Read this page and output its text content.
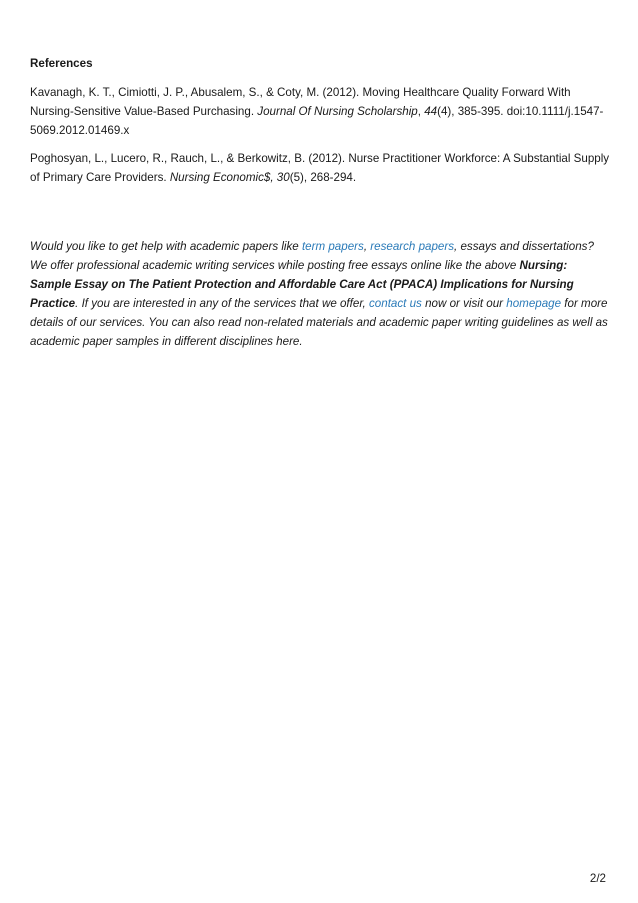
References

Kavanagh, K. T., Cimiotti, J. P., Abusalem, S., & Coty, M. (2012). Moving Healthcare Quality Forward With Nursing-Sensitive Value-Based Purchasing. Journal Of Nursing Scholarship, 44(4), 385-395. doi:10.1111/j.1547-5069.2012.01469.x

Poghosyan, L., Lucero, R., Rauch, L., & Berkowitz, B. (2012). Nurse Practitioner Workforce: A Substantial Supply of Primary Care Providers. Nursing Economic$, 30(5), 268-294.

Would you like to get help with academic papers like term papers, research papers, essays and dissertations? We offer professional academic writing services while posting free essays online like the above Nursing: Sample Essay on The Patient Protection and Affordable Care Act (PPACA) Implications for Nursing Practice. If you are interested in any of the services that we offer, contact us now or visit our homepage for more details of our services. You can also read non-related materials and academic paper writing guidelines as well as academic paper samples in different disciplines here.

2/2
